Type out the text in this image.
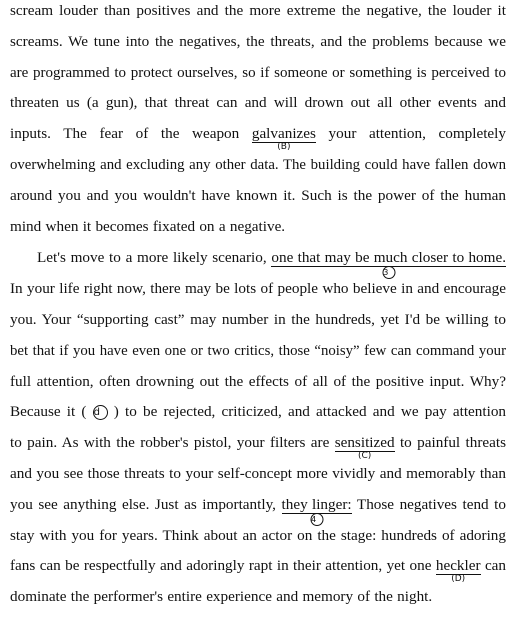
scream louder than positives and the more extreme the negative, the louder it
screams. We tune into the negatives, the threats, and the problems because we
are programmed to protect ourselves, so if someone or something is perceived to
threaten us (a gun), that threat can and will drown out all other events and
inputs. The fear of the weapon galvanizes
(B)
your attention, completely
overwhelming and excluding any other data. The building could have fallen down
around you and you wouldn't have known it. Such is the power of the human
mind when it becomes fixated on a negative.
Let's move to a more likely scenario, one that may be much closer to home.
3
In your life right now, there may be lots of people who believe in and encourage
you. Your “supporting cast” may number in the hundreds, yet I'd be willing to
bet that if you have even one or two critics, those “noisy” few can command your
full attention, often drowning out the effects of all of the positive input. Why?
Because it ( d ) to be rejected, criticized, and attacked and we pay attention
to pain. As with the robber's pistol, your filters are sensitized
(C)
to painful threats
and you see those threats to your self-concept more vividly and memorably than
you see anything else. Just as importantly, they linger:
4
Those negatives tend to
stay with you for years. Think about an actor on the stage: hundreds of adoring
fans can be respectfully and adoringly rapt in their attention, yet one heckler
(D)
can
dominate the performer's entire experience and memory of the night.
